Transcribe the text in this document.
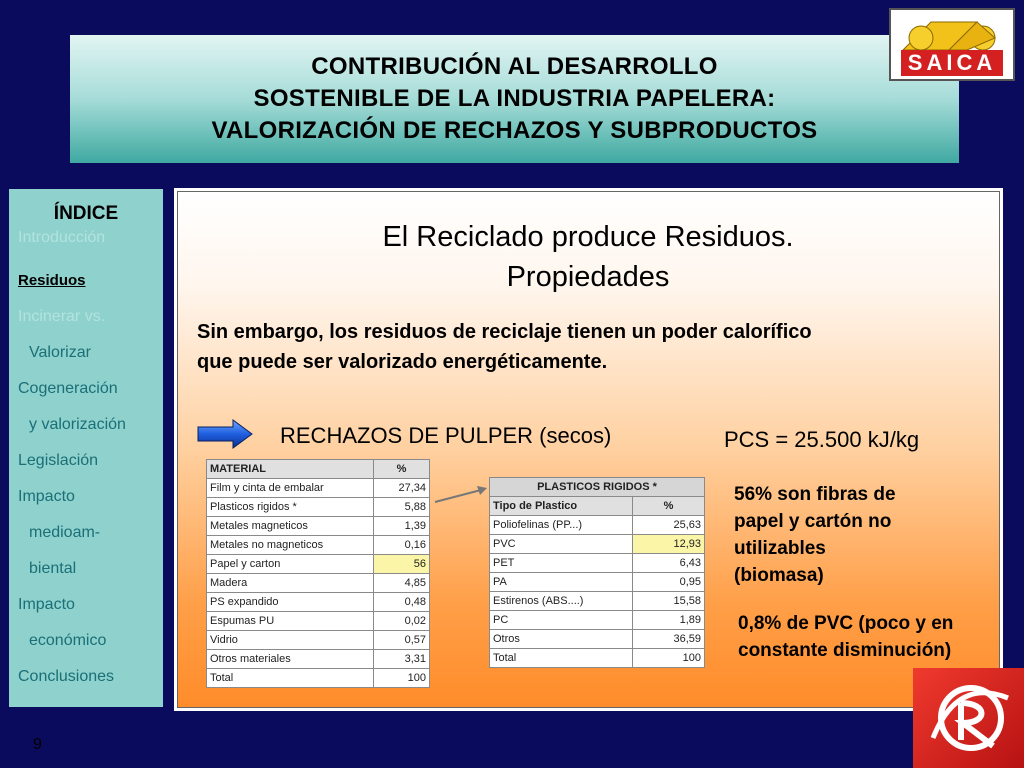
CONTRIBUCIÓN AL DESARROLLO
SOSTENIBLE DE LA INDUSTRIA PAPELERA:
VALORIZACIÓN DE RECHAZOS Y SUBPRODUCTOS
SAICA
ÍNDICE
Introducción
Residuos
Incinerar vs.
Valorizar
Cogeneración
y valorización
Legislación
Impacto
medioam-
biental
Impacto
económico
Conclusiones
El Reciclado produce Residuos.
Propiedades
Sin embargo, los residuos de reciclaje tienen un poder calorífico
que puede ser valorizado energéticamente.
RECHAZOS DE PULPER (secos)	PCS = 25.500 kJ/kg
MATERIAL	%
Film y cinta de embalar	27,34
Plasticos rigidos *	5,88
Metales magneticos	1,39
Metales no magneticos	0,16
Papel y carton	56
Madera	4,85
PS expandido	0,48
Espumas PU	0,02
Vidrio	0,57
Otros materiales	3,31
Total	100
PLASTICOS RIGIDOS *	
Tipo de Plastico	%
Poliofelinas (PP...)	25,63
PVC	12,93
PET	6,43
PA	0,95
Estirenos (ABS....)	15,58
PC	1,89
Otros	36,59
Total	100
56% son fibras de
papel y cartón no
utilizables
(biomasa)
0,8% de PVC (poco y en
constante disminución)
9
